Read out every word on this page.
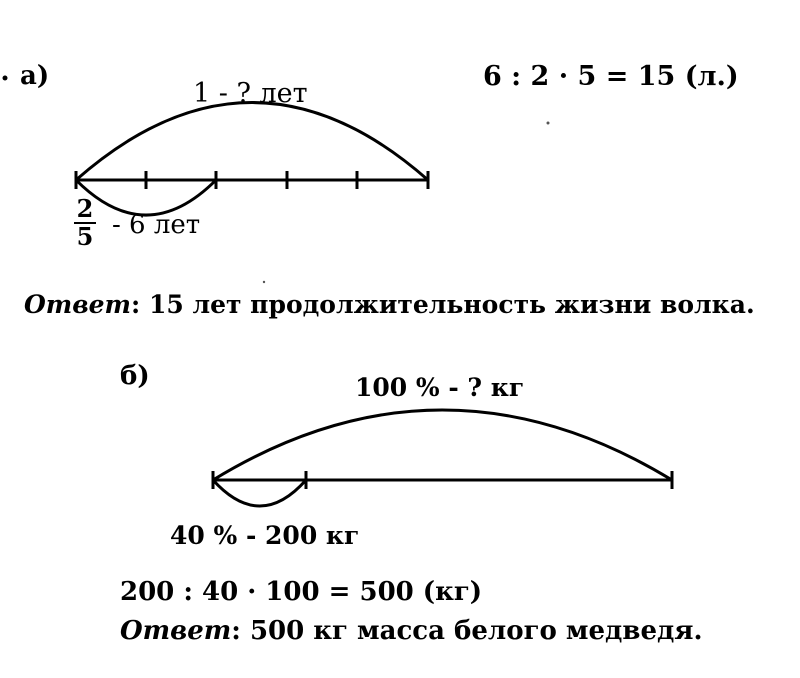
а)
1 - ? лет
6 : 2 · 5 = 15 (л.)
2
5 - 6 лет
Ответ: 15 лет продолжительность жизни волка.
б)	100 % - ? кг
40 % - 200 кг
200 : 40 · 100 = 500 (кг)
Ответ: 500 кг масса белого медведя.
